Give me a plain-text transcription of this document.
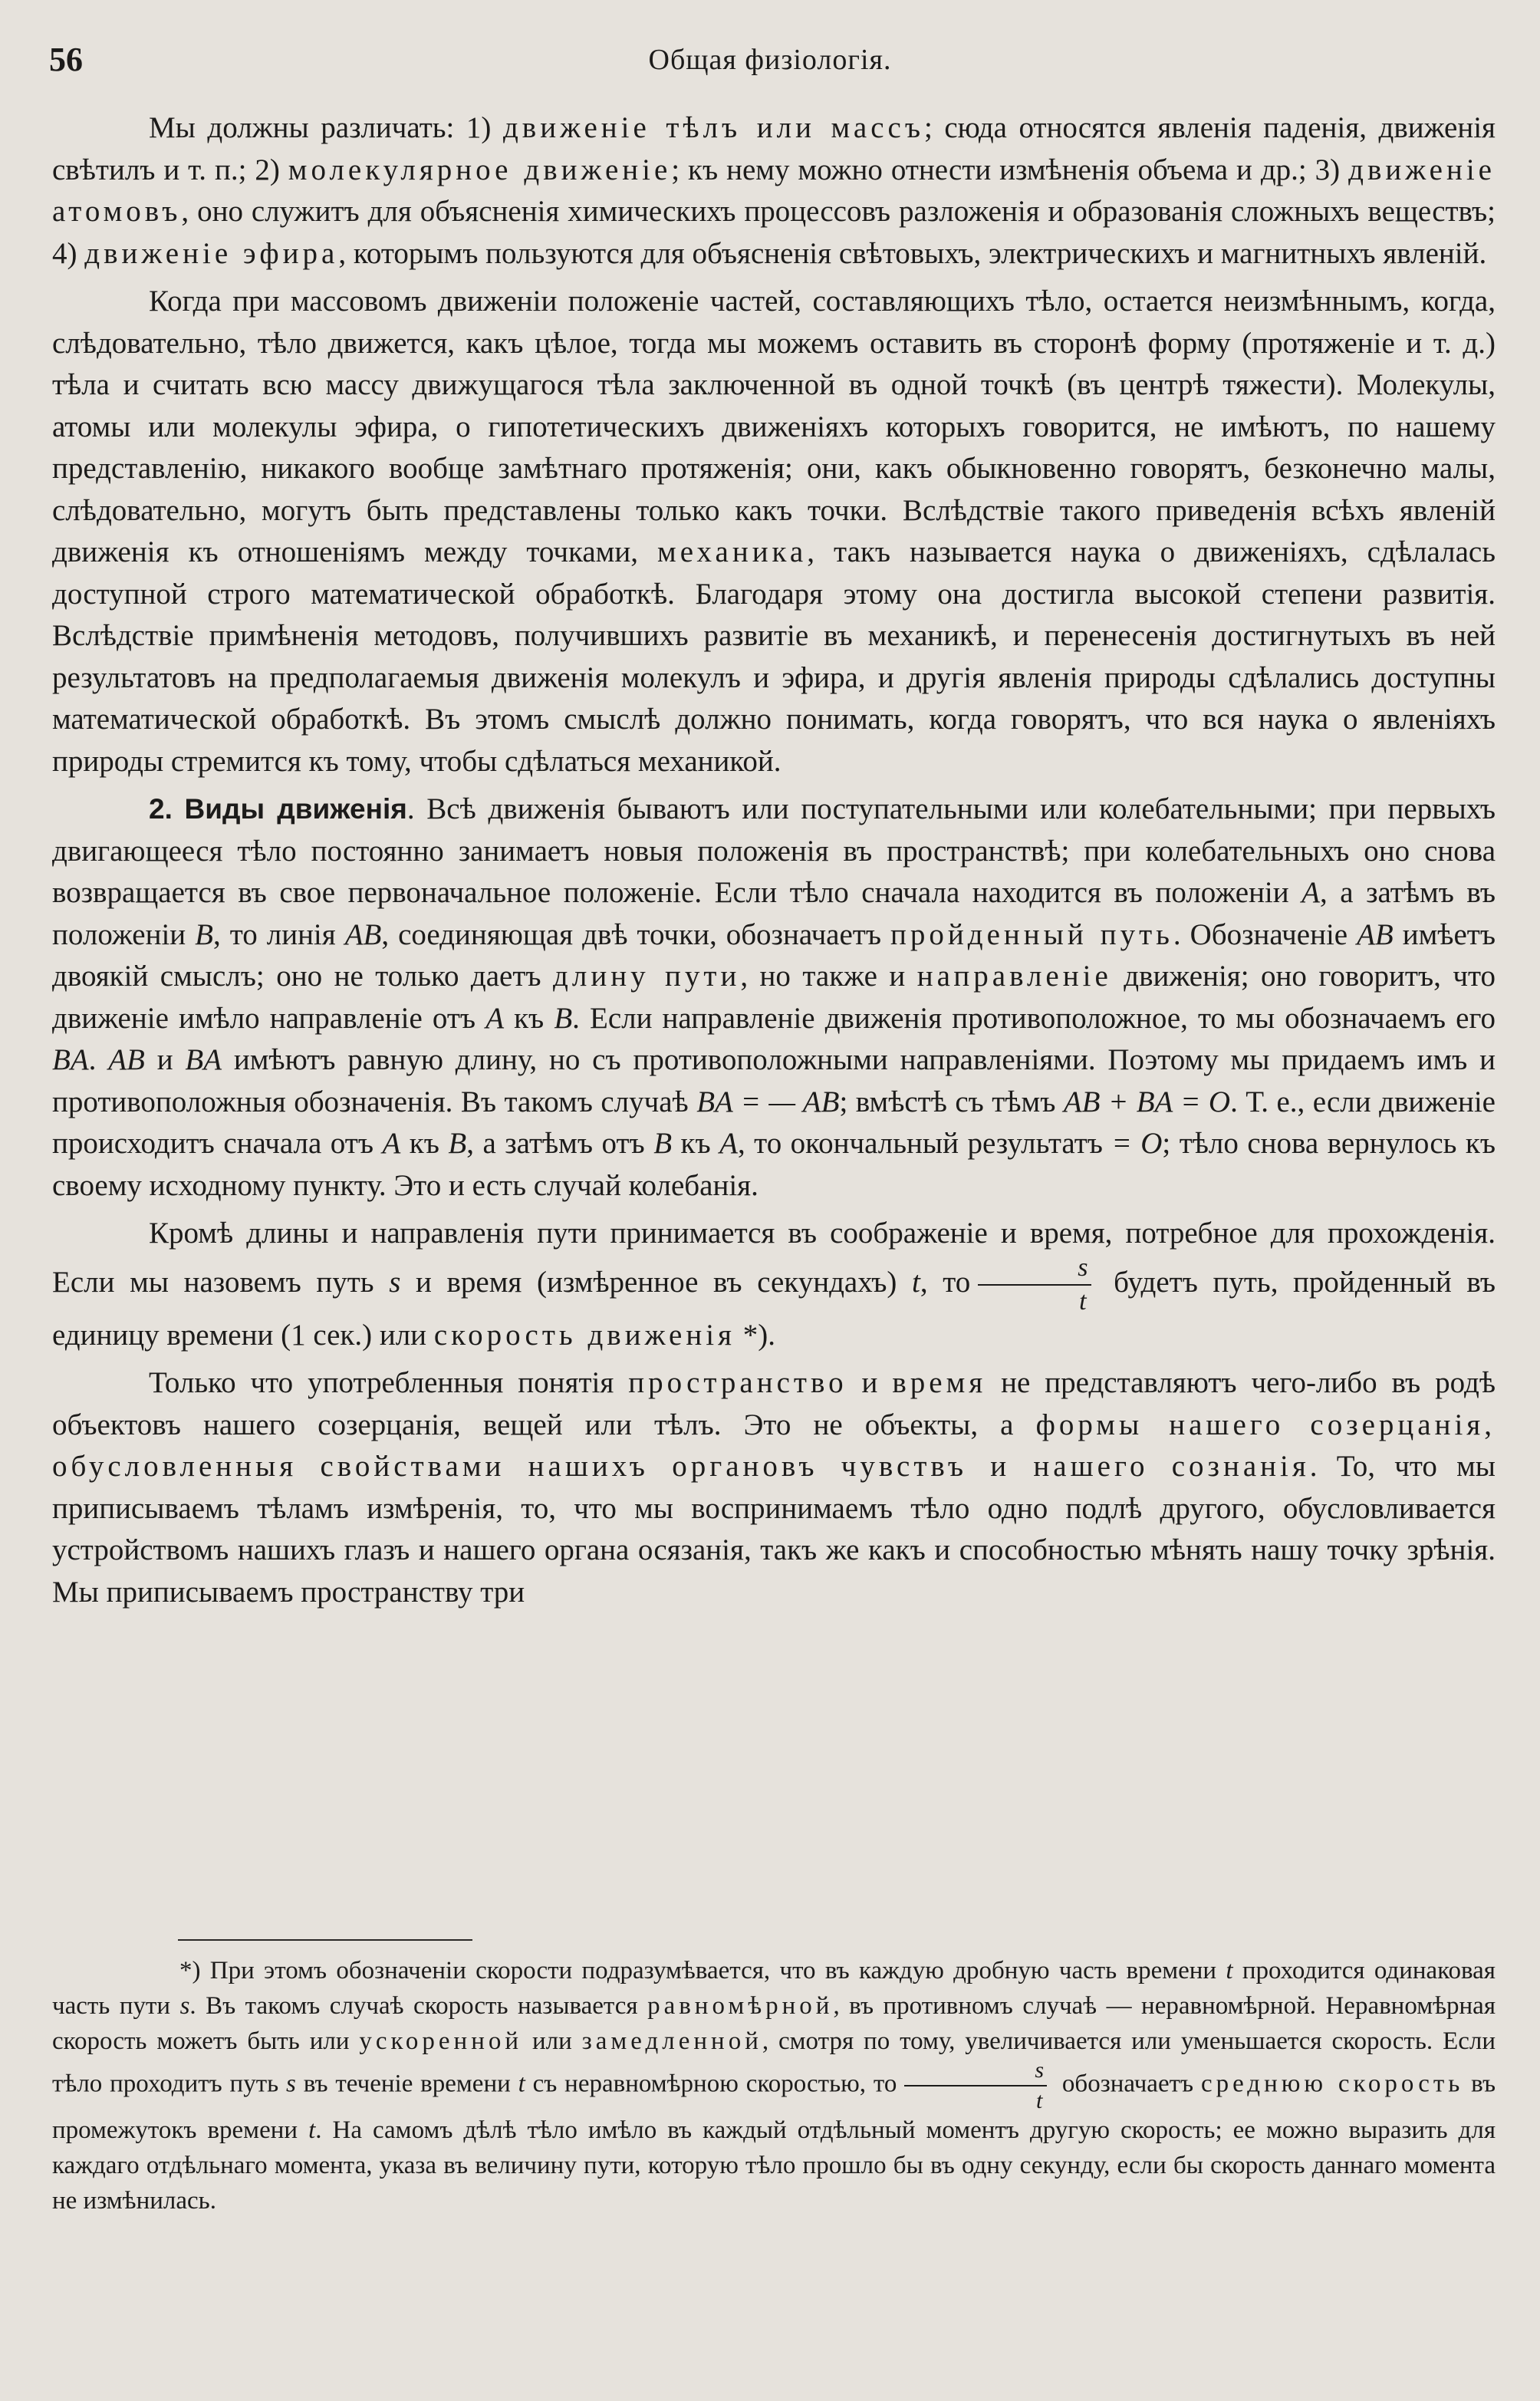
56	Общая физiологiя.

Мы должны различать: 1) движенiе тѣлъ или массъ; сюда относятся явленiя паденiя, движенiя свѣтилъ и т. п.; 2) молекулярное движенiе; къ нему можно отнести измѣненiя объема и др.; 3) движенiе атомовъ, оно служитъ для объясненiя химическихъ процессовъ разложенiя и образованiя сложныхъ веществъ; 4) движенiе эфира, которымъ пользуются для объясненiя свѣтовыхъ, электрическихъ и магнитныхъ явленiй.

Когда при массовомъ движенiи положенiе частей, составляющихъ тѣло, остается неизмѣннымъ, когда, слѣдовательно, тѣло движется, какъ цѣлое, тогда мы можемъ оставить въ сторонѣ форму (протяженiе и т. д.) тѣла и считать всю массу движущагося тѣла заключенной въ одной точкѣ (въ центрѣ тяжести). Молекулы, атомы или молекулы эфира, о гипотетическихъ движенiяхъ которыхъ говорится, не имѣютъ, по нашему представленiю, никакого вообще замѣтнаго протяженiя; они, какъ обыкновенно говорятъ, безконечно малы, слѣдовательно, могутъ быть представлены только какъ точки. Вслѣдствiе такого приведенiя всѣхъ явленiй движенiя къ отношенiямъ между точками, механика, такъ называется наука о движенiяхъ, сдѣлалась доступной строго математической обработкѣ. Благодаря этому она достигла высокой степени развитiя. Вслѣдствiе примѣненiя методовъ, получившихъ развитiе въ механикѣ, и перенесенiя достигнутыхъ въ ней результатовъ на предполагаемыя движенiя молекулъ и эфира, и другiя явленiя природы сдѣлались доступны математической обработкѣ. Въ этомъ смыслѣ должно понимать, когда говорятъ, что вся наука о явленiяхъ природы стремится къ тому, чтобы сдѣлаться механикой.

2. Виды движенiя. Всѣ движенiя бываютъ или поступательными или колебательными; при первыхъ двигающееся тѣло постоянно занимаетъ новыя положенiя въ пространствѣ; при колебательныхъ оно снова возвращается въ свое первоначальное положенiе. Если тѣло сначала находится въ положенiи A, а затѣмъ въ положенiи B, то линiя AB, соединяющая двѣ точки, обозначаетъ пройденный путь. Обозначенiе AB имѣетъ двоякiй смыслъ; оно не только даетъ длину пути, но также и направленiе движенiя; оно говоритъ, что движенiе имѣло направленiе отъ A къ B. Если направленiе движенiя противоположное, то мы обозначаемъ его BA. AB и BA имѣютъ равную длину, но съ противоположными направленiями. Поэтому мы придаемъ имъ и противоположныя обозначенiя. Въ такомъ случаѣ BA = — AB; вмѣстѣ съ тѣмъ AB + BA = O. Т. е., если движенiе происходитъ сначала отъ A къ B, а затѣмъ отъ B къ A, то окончальный результатъ = O; тѣло снова вернулось къ своему исходному пункту. Это и есть случай колебанiя.

Кромѣ длины и направленiя пути принимается въ соображенiе и время, потребное для прохожденiя. Если мы назовемъ путь s и время (измѣренное въ секундахъ) t, то $\frac{s}{t}$ будетъ путь, пройденный въ единицу времени (1 сек.) или скорость движенiя *).

Только что употребленныя понятiя пространство и время не представляютъ чего-либо въ родѣ объектовъ нашего созерцанiя, вещей или тѣлъ. Это не объекты, а формы нашего созерцанiя, обусловленныя свойствами нашихъ органовъ чувствъ и нашего сознанiя. То, что мы приписываемъ тѣламъ измѣренiя, то, что мы воспринимаемъ тѣло одно подлѣ другого, обусловливается устройствомъ нашихъ глазъ и нашего органа осязанiя, такъ же какъ и способностью мѣнять нашу точку зрѣнiя. Мы приписываемъ пространству три

*) При этомъ обозначенiи скорости подразумѣвается, что въ каждую дробную часть времени t проходится одинаковая часть пути s. Въ такомъ случаѣ скорость называется равномѣрной, въ противномъ случаѣ — неравномѣрной. Неравномѣрная скорость можетъ быть или ускоренной или замедленной, смотря по тому, увеличивается или уменьшается скорость. Если тѣло проходитъ путь s въ теченiе времени t съ неравномѣрною скоростью, то $\frac{s}{t}$ обозначаетъ среднюю скорость въ промежутокъ времени t. На самомъ дѣлѣ тѣло имѣло въ каждый отдѣльный моментъ другую скорость; ее можно выразить для каждаго отдѣльнаго момента, указа въ величину пути, которую тѣло прошло бы въ одну секунду, если бы скорость даннаго момента не измѣнилась.
